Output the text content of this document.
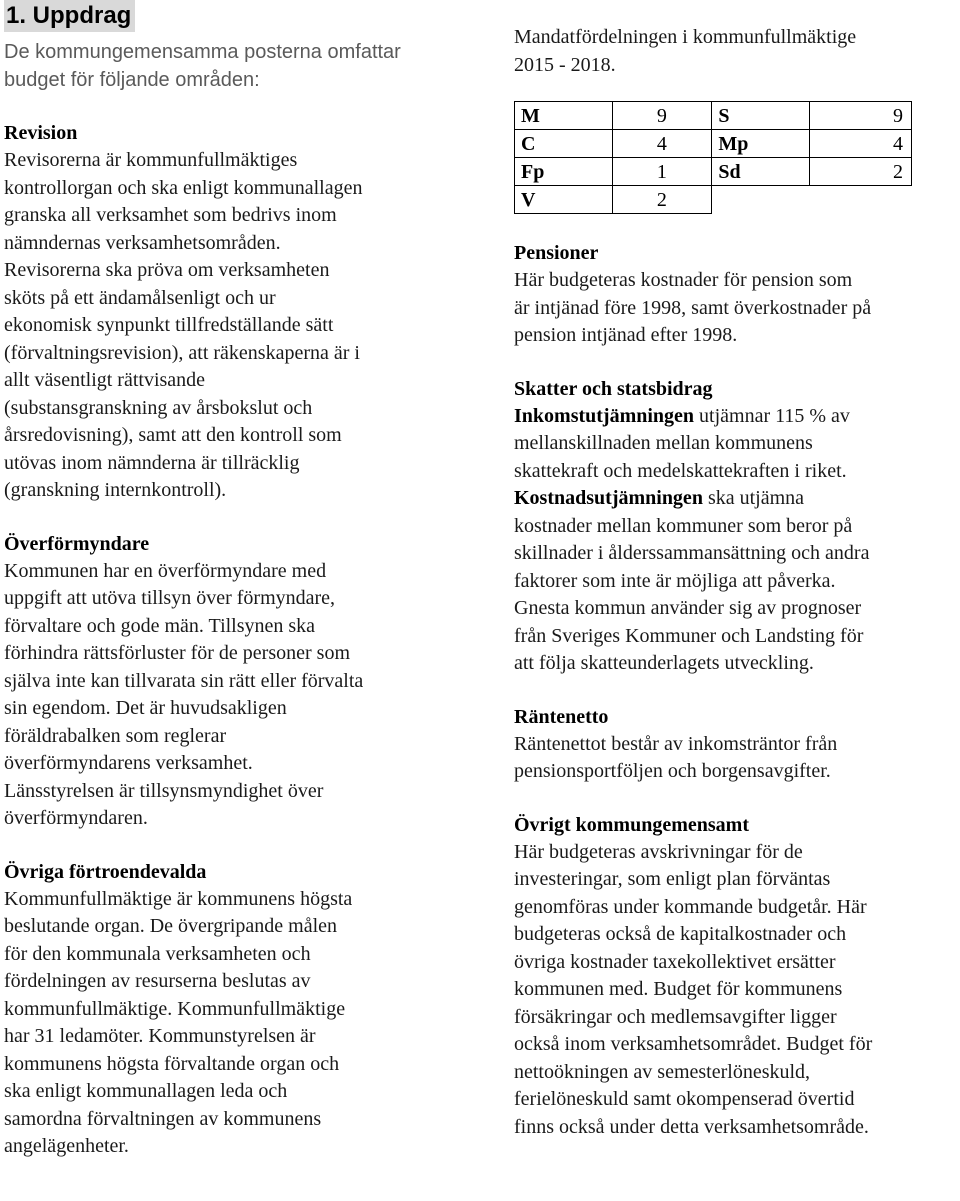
1. Uppdrag

De kommungemensamma posterna omfattar
budget för följande områden:

Revision

Revisorerna är kommunfullmäktiges
kontrollorgan och ska enligt kommunallagen
granska all verksamhet som bedrivs inom
nämndernas verksamhetsområden.
Revisorerna ska pröva om verksamheten
sköts på ett ändamålsenligt och ur
ekonomisk synpunkt tillfredställande sätt
(förvaltningsrevision), att räkenskaperna är i
allt väsentligt rättvisande
(substansgranskning av årsbokslut och
årsredovisning), samt att den kontroll som
utövas inom nämnderna är tillräcklig
(granskning internkontroll).

Överförmyndare

Kommunen har en överförmyndare med
uppgift att utöva tillsyn över förmyndare,
förvaltare och gode män. Tillsynen ska
förhindra rättsförluster för de personer som
själva inte kan tillvarata sin rätt eller förvalta
sin egendom. Det är huvudsakligen
föräldrabalken som reglerar
överförmyndarens verksamhet.
Länsstyrelsen är tillsynsmyndighet över
överförmyndaren.

Övriga förtroendevalda

Kommunfullmäktige är kommunens högsta
beslutande organ. De övergripande målen
för den kommunala verksamheten och
fördelningen av resurserna beslutas av
kommunfullmäktige. Kommunfullmäktige
har 31 ledamöter. Kommunstyrelsen är
kommunens högsta förvaltande organ och
ska enligt kommunallagen leda och
samordna förvaltningen av kommunens
angelägenheter.

Mandatfördelningen i kommunfullmäktige
2015 - 2018.

M	9	S	9
C	4	Mp	4
Fp	1	Sd	2
V	2		

Pensioner

Här budgeteras kostnader för pension som
är intjänad före 1998, samt överkostnader på
pension intjänad efter 1998.

Skatter och statsbidrag

Inkomstutjämningen utjämnar 115 % av
mellanskillnaden mellan kommunens
skattekraft och medelskattekraften i riket.

Kostnadsutjämningen ska utjämna
kostnader mellan kommuner som beror på
skillnader i ålderssammansättning och andra
faktorer som inte är möjliga att påverka.
Gnesta kommun använder sig av prognoser
från Sveriges Kommuner och Landsting för
att följa skatteunderlagets utveckling.

Räntenetto

Räntenettot består av inkomsträntor från
pensionsportföljen och borgensavgifter.

Övrigt kommungemensamt

Här budgeteras avskrivningar för de
investeringar, som enligt plan förväntas
genomföras under kommande budgetår. Här
budgeteras också de kapitalkostnader och
övriga kostnader taxekollektivet ersätter
kommunen med. Budget för kommunens
försäkringar och medlemsavgifter ligger
också inom verksamhetsområdet. Budget för
nettoökningen av semesterlöneskuld,
ferielöneskuld samt okompenserad övertid
finns också under detta verksamhetsområde.
